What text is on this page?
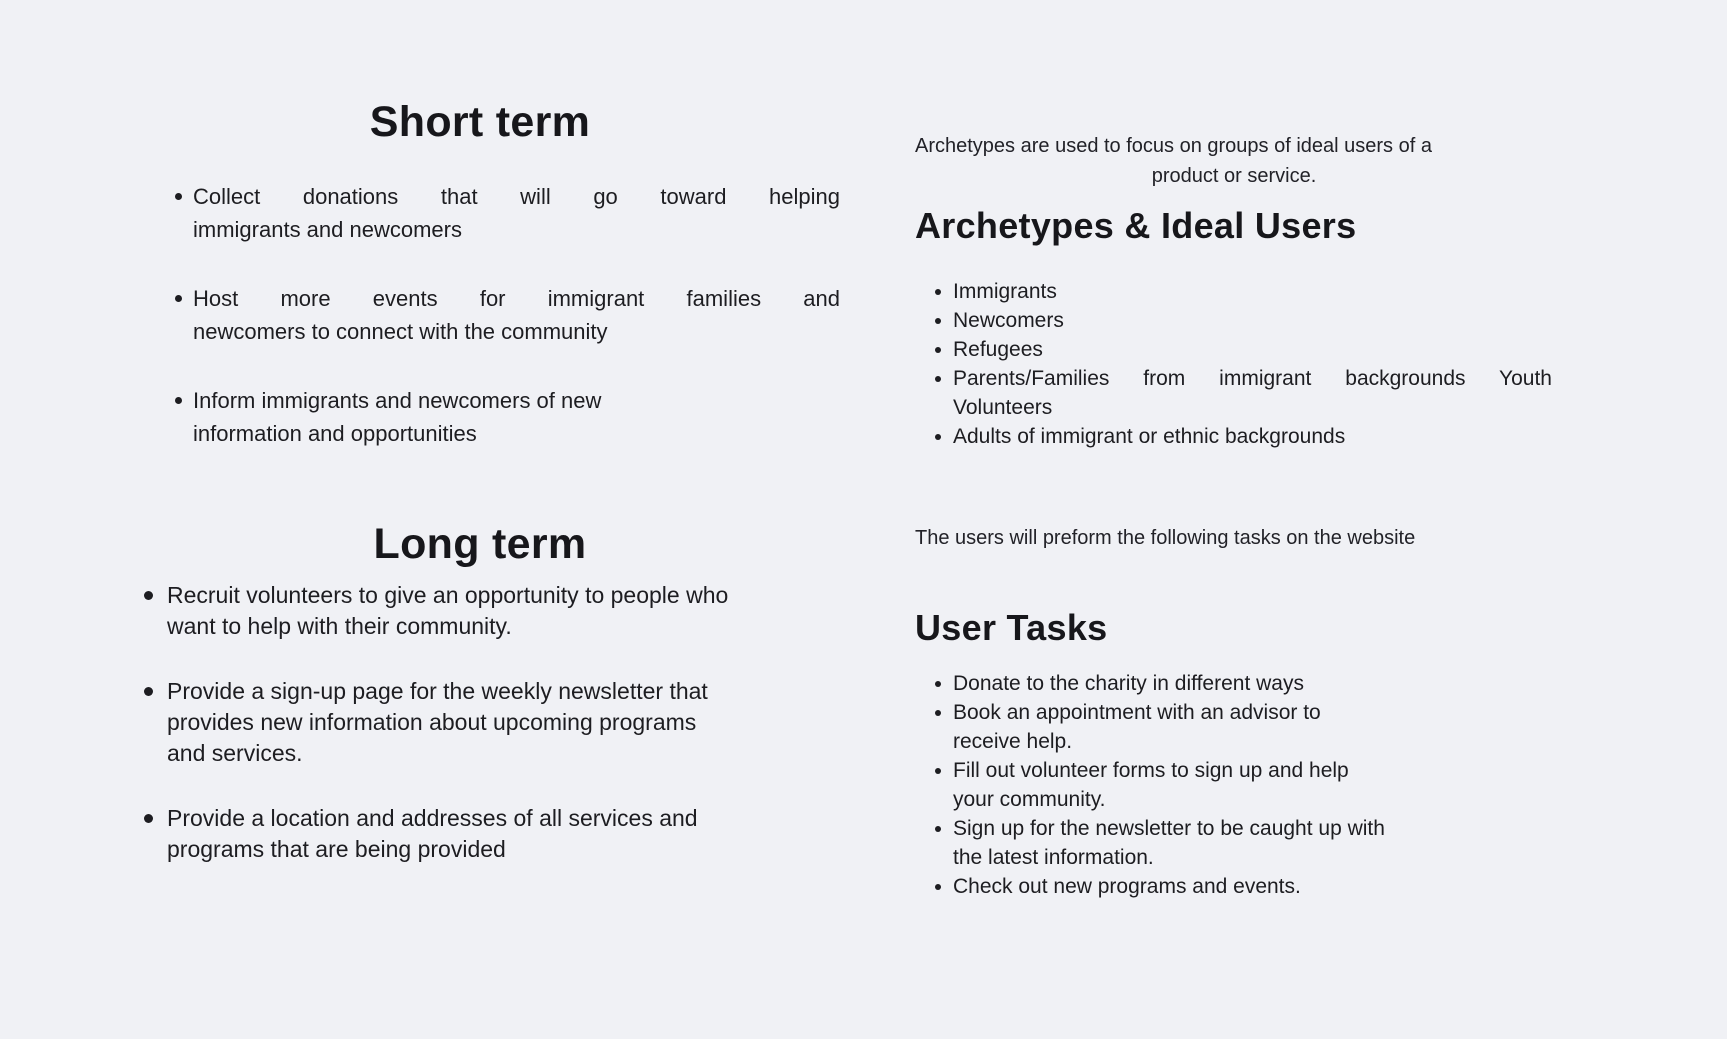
Short term
Collect donations that will go toward helping
immigrants and newcomers
Host more events for immigrant families and
newcomers to connect with the community
Inform immigrants and newcomers of new
information and opportunities
Long term
Recruit volunteers to give an opportunity to people who
want to help with their community.
Provide a sign-up page for the weekly newsletter that
provides new information about upcoming programs
and services.
Provide a location and addresses of all services and
programs that are being provided
Archetypes are used to focus on groups of ideal users of a
product or service.
Archetypes & Ideal Users
Immigrants
Newcomers
Refugees
Parents/Families from immigrant backgrounds Youth
Volunteers
Adults of immigrant or ethnic backgrounds
The users will preform the following tasks on the website
User Tasks
Donate to the charity in different ways
Book an appointment with an advisor to
receive help.
Fill out volunteer forms to sign up and help
your community.
Sign up for the newsletter to be caught up with
the latest information.
Check out new programs and events.
